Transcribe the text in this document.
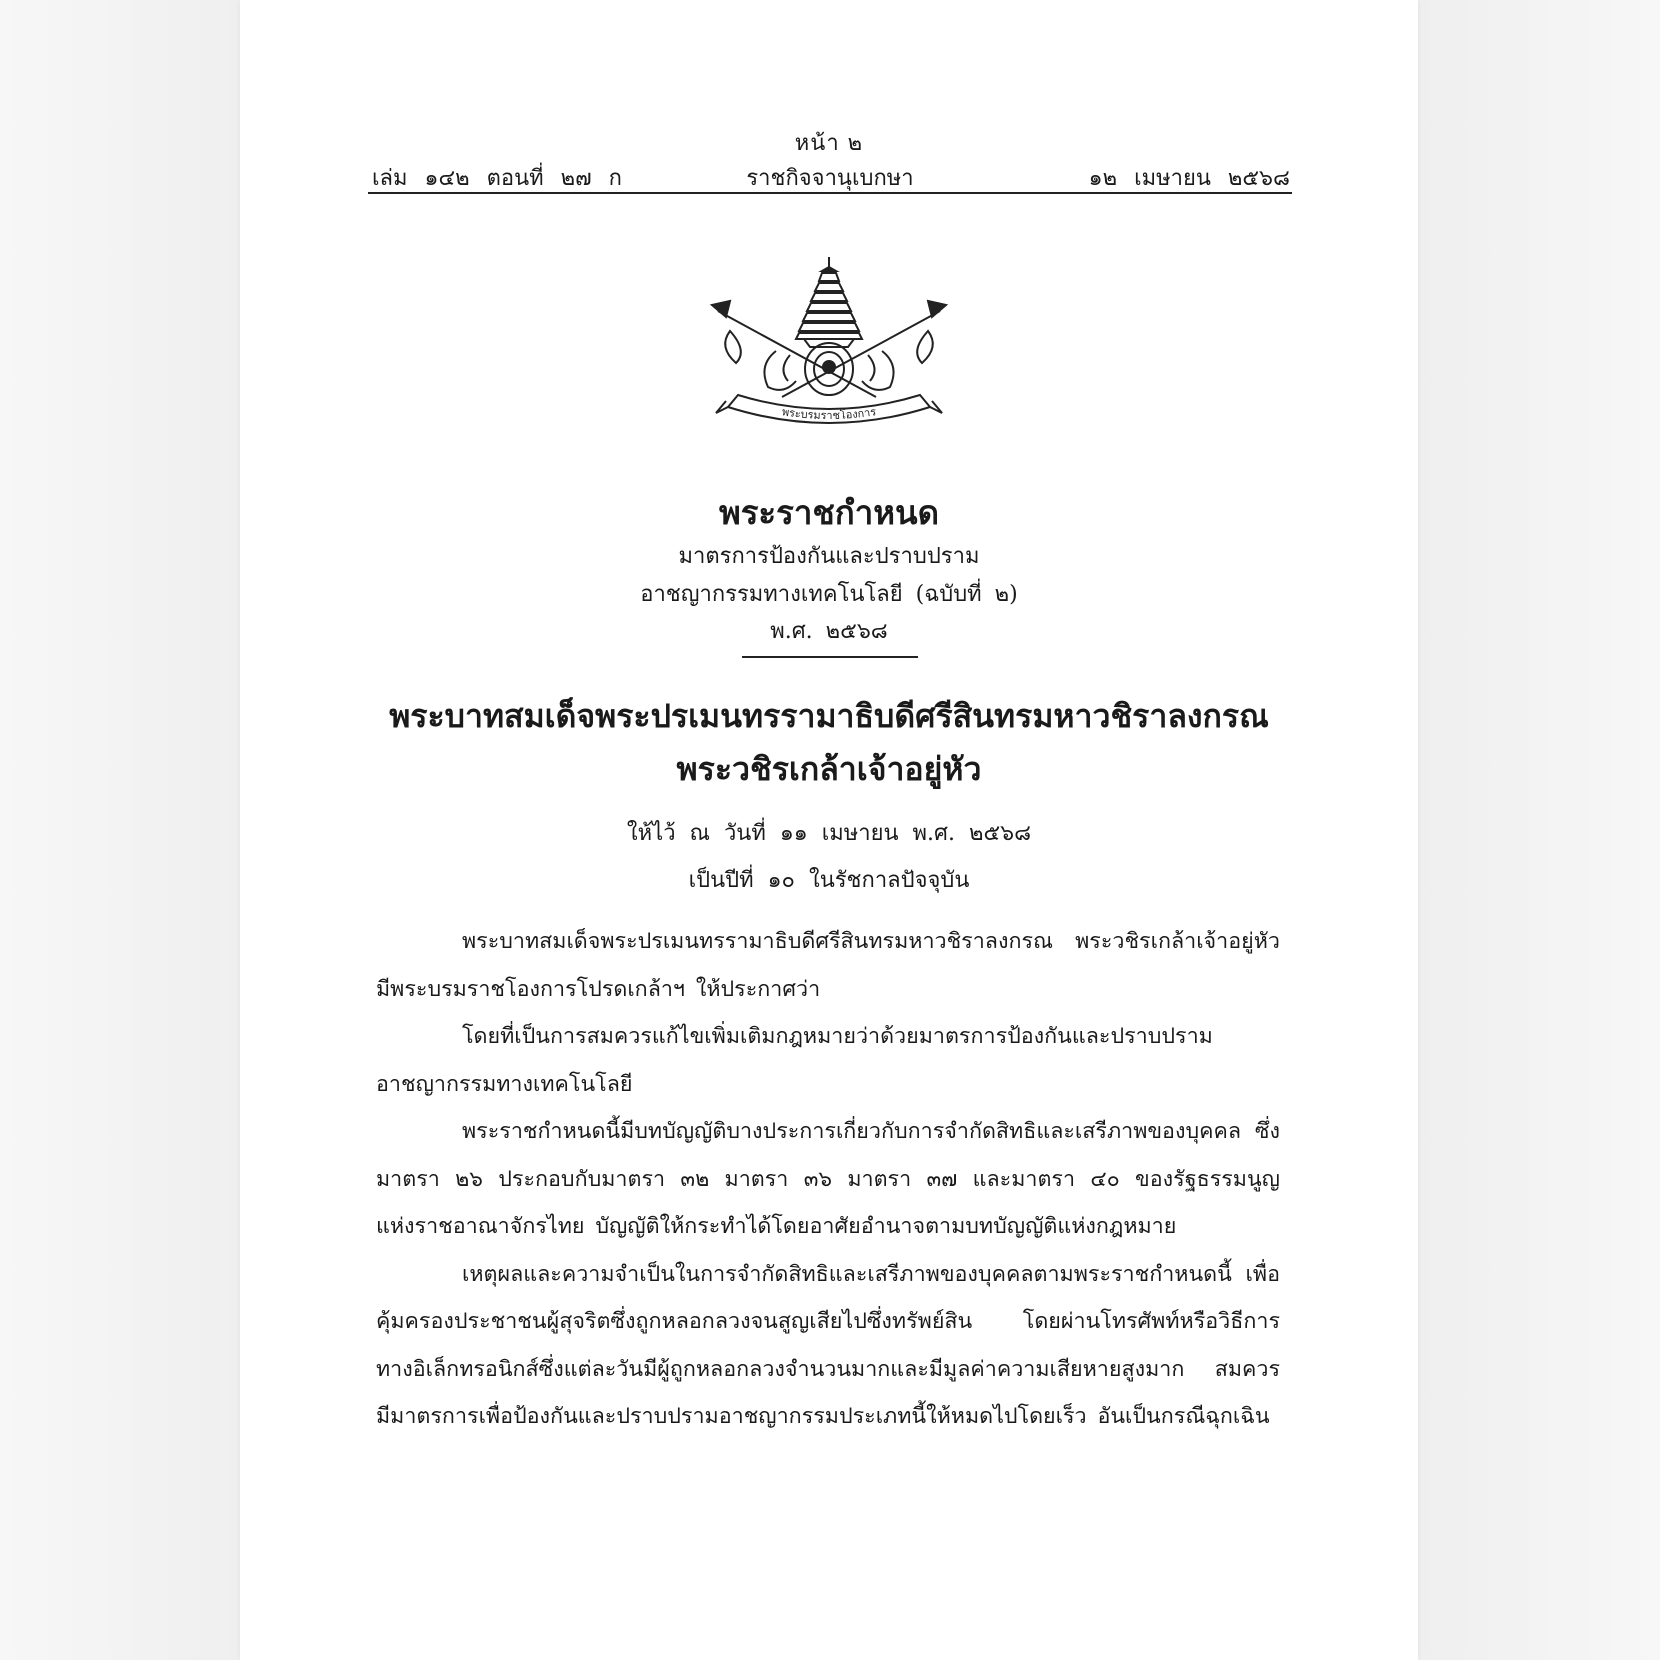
หน้า ๒
เล่ม ๑๔๒ ตอนที่ ๒๗ ก	ราชกิจจานุเบกษา	๑๒ เมษายน ๒๕๖๘
พระบรมราชโองการ
พระราชกำหนด
มาตรการป้องกันและปราบปราม
อาชญากรรมทางเทคโนโลยี (ฉบับที่ ๒)
พ.ศ. ๒๕๖๘
พระบาทสมเด็จพระปรเมนทรรามาธิบดีศรีสินทรมหาวชิราลงกรณ
พระวชิรเกล้าเจ้าอยู่หัว
ให้ไว้ ณ วันที่ ๑๑ เมษายน พ.ศ. ๒๕๖๘
เป็นปีที่ ๑๐ ในรัชกาลปัจจุบัน

พระบาทสมเด็จพระปรเมนทรรามาธิบดีศรีสินทรมหาวชิราลงกรณ พระวชิรเกล้าเจ้าอยู่หัว มีพระบรมราชโองการโปรดเกล้าฯ ให้ประกาศว่า

โดยที่เป็นการสมควรแก้ไขเพิ่มเติมกฎหมายว่าด้วยมาตรการป้องกันและปราบปราม อาชญากรรมทางเทคโนโลยี

พระราชกำหนดนี้มีบทบัญญัติบางประการเกี่ยวกับการจำกัดสิทธิและเสรีภาพของบุคคล ซึ่งมาตรา ๒๖ ประกอบกับมาตรา ๓๒ มาตรา ๓๖ มาตรา ๓๗ และมาตรา ๔๐ ของรัฐธรรมนูญ แห่งราชอาณาจักรไทย บัญญัติให้กระทำได้โดยอาศัยอำนาจตามบทบัญญัติแห่งกฎหมาย

เหตุผลและความจำเป็นในการจำกัดสิทธิและเสรีภาพของบุคคลตามพระราชกำหนดนี้ เพื่อคุ้มครองประชาชนผู้สุจริตซึ่งถูกหลอกลวงจนสูญเสียไปซึ่งทรัพย์สิน โดยผ่านโทรศัพท์หรือวิธีการ ทางอิเล็กทรอนิกส์ซึ่งแต่ละวันมีผู้ถูกหลอกลวงจำนวนมากและมีมูลค่าความเสียหายสูงมาก สมควร มีมาตรการเพื่อป้องกันและปราบปรามอาชญากรรมประเภทนี้ให้หมดไปโดยเร็ว อันเป็นกรณีฉุกเฉิน
